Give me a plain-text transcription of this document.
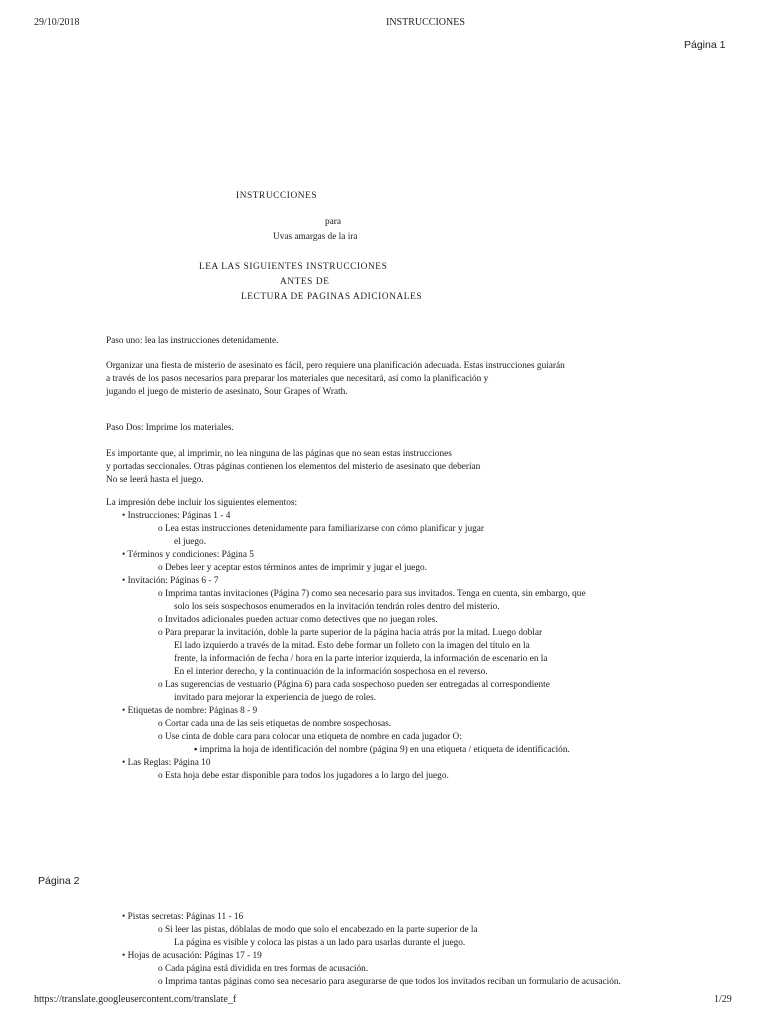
29/10/2018	INSTRUCCIONES
Página 1
INSTRUCCIONES
para
Uvas amargas de la ira
LEA LAS SIGUIENTES INSTRUCCIONES
ANTES DE
LECTURA DE PAGINAS ADICIONALES
Paso uno: lea las instrucciones detenidamente.
Organizar una fiesta de misterio de asesinato es fácil, pero requiere una planificación adecuada. Estas instrucciones guiarán
a través de los pasos necesarios para preparar los materiales que necesitará, así como la planificación y
jugando el juego de misterio de asesinato, Sour Grapes of Wrath.
Paso Dos: Imprime los materiales.
Es importante que, al imprimir, no lea ninguna de las páginas que no sean estas instrucciones
y portadas seccionales. Otras páginas contienen los elementos del misterio de asesinato que deberían
No se leerá hasta el juego.
La impresión debe incluir los siguientes elementos:
• Instrucciones: Páginas 1 - 4
o Lea estas instrucciones detenidamente para familiarizarse con cómo planificar y jugar
el juego.
• Términos y condiciones: Página 5
o Debes leer y aceptar estos términos antes de imprimir y jugar el juego.
• Invitación: Páginas 6 - 7
o Imprima tantas invitaciones (Página 7) como sea necesario para sus invitados. Tenga en cuenta, sin embargo, que
solo los seis sospechosos enumerados en la invitación tendrán roles dentro del misterio.
o Invitados adicionales pueden actuar como detectives que no juegan roles.
o Para preparar la invitación, doble la parte superior de la página hacia atrás por la mitad. Luego doblar
El lado izquierdo a través de la mitad. Esto debe formar un folleto con la imagen del título en la
frente, la información de fecha / hora en la parte interior izquierda, la información de escenario en la
En el interior derecho, y la continuación de la información sospechosa en el reverso.
o Las sugerencias de vestuario (Página 6) para cada sospechoso pueden ser entregadas al correspondiente
invitado para mejorar la experiencia de juego de roles.
• Etiquetas de nombre: Páginas 8 - 9
o Cortar cada una de las seis etiquetas de nombre sospechosas.
o Use cinta de doble cara para colocar una etiqueta de nombre en cada jugador O:
▪ imprima la hoja de identificación del nombre (página 9) en una etiqueta / etiqueta de identificación.
• Las Reglas: Página 10
o Esta hoja debe estar disponible para todos los jugadores a lo largo del juego.
Página 2
• Pistas secretas: Páginas 11 - 16
o Si leer las pistas, dóblalas de modo que solo el encabezado en la parte superior de la
La página es visible y coloca las pistas a un lado para usarlas durante el juego.
• Hojas de acusación: Páginas 17 - 19
o Cada página está dividida en tres formas de acusación.
o Imprima tantas páginas como sea necesario para asegurarse de que todos los invitados reciban un formulario de acusación.
https://translate.googleusercontent.com/translate_f	1/29
